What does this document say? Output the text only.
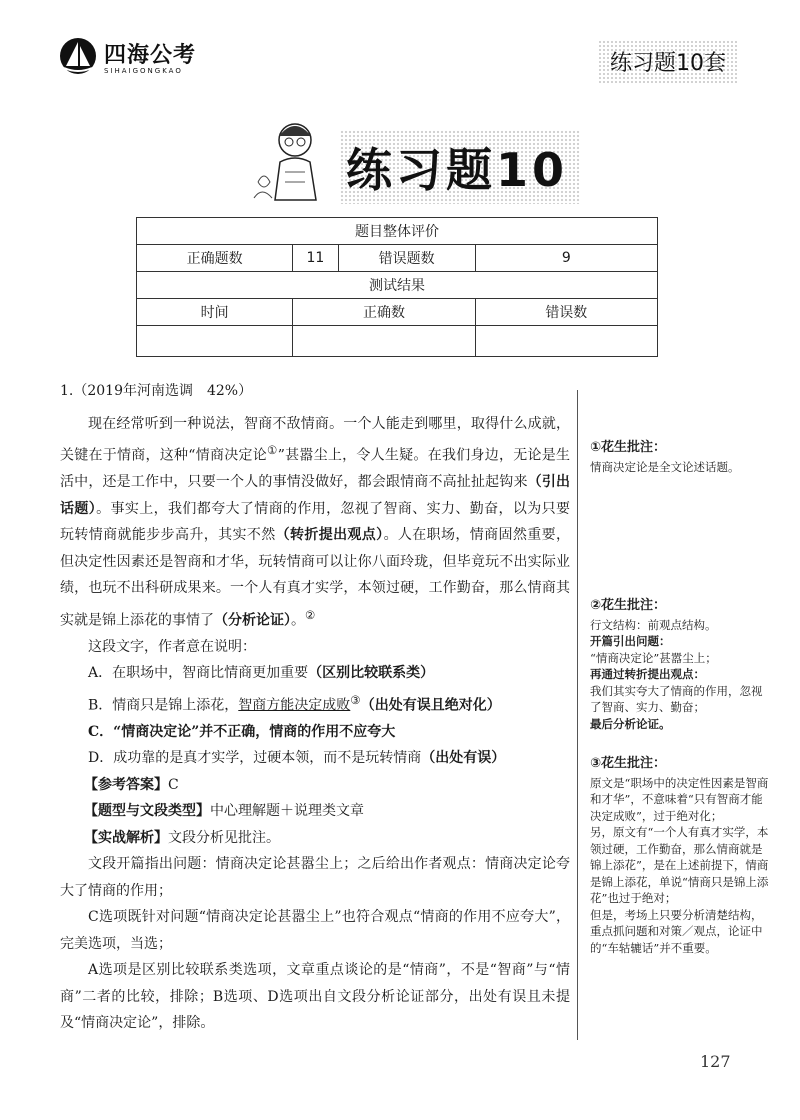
四海公考
SIHAIGONGKAO	练习题10套
练习题10
题目整体评价			
正确题数	11	错误题数	9
测试结果			
时间	正确数		错误数

1.（2019年河南选调　42%）

现在经常听到一种说法，智商不敌情商。一个人能走到哪里，取得什么成就，关键在于情商，这种“情商决定论①”甚嚣尘上，令人生疑。在我们身边，无论是生活中，还是工作中，只要一个人的事情没做好，都会跟情商不高扯扯起钩来（引出话题）。事实上，我们都夸大了情商的作用，忽视了智商、实力、勤奋，以为只要玩转情商就能步步高升，其实不然（转折提出观点）。人在职场，情商固然重要，但决定性因素还是智商和才华，玩转情商可以让你八面玲珑，但毕竟玩不出实际业绩，也玩不出科研成果来。一个人有真才实学，本领过硬，工作勤奋，那么情商其实就是锦上添花的事情了（分析论证）。②

这段文字，作者意在说明：

A．在职场中，智商比情商更加重要（区别比较联系类）

B．情商只是锦上添花，智商方能决定成败③（出处有误且绝对化）

C．“情商决定论”并不正确，情商的作用不应夸大

D．成功靠的是真才实学，过硬本领，而不是玩转情商（出处有误）

【参考答案】C

【题型与文段类型】中心理解题＋说理类文章

【实战解析】文段分析见批注。

文段开篇指出问题：情商决定论甚嚣尘上；之后给出作者观点：情商决定论夸大了情商的作用；

C选项既针对问题“情商决定论甚嚣尘上”也符合观点“情商的作用不应夸大”，完美选项，当选；

A选项是区别比较联系类选项，文章重点谈论的是“情商”，不是“智商”与“情商”二者的比较，排除；B选项、D选项出自文段分析论证部分，出处有误且未提及“情商决定论”，排除。

①花生批注：

情商决定论是全文论述话题。

②花生批注：

行文结构：前观点结构。

开篇引出问题：

“情商决定论”甚嚣尘上；

再通过转折提出观点：

我们其实夸大了情商的作用，忽视了智商、实力、勤奋；

最后分析论证。

③花生批注：

原文是“职场中的决定性因素是智商和才华”，不意味着“只有智商才能决定成败”，过于绝对化；

另，原文有“一个人有真才实学，本领过硬，工作勤奋，那么情商就是锦上添花”，是在上述前提下，情商是锦上添花，单说“情商只是锦上添花”也过于绝对；

但是，考场上只要分析清楚结构，重点抓问题和对策／观点，论证中的“车轱辘话”并不重要。

127
